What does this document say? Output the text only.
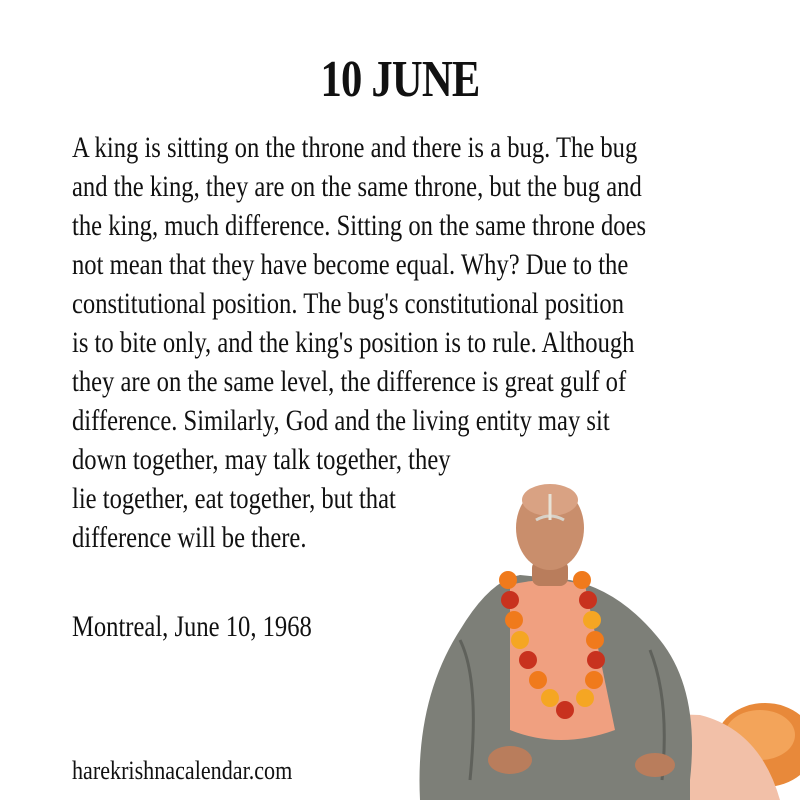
10 JUNE
A king is sitting on the throne and there is a bug. The bug
and the king, they are on the same throne, but the bug and
the king, much difference. Sitting on the same throne does
not mean that they have become equal. Why? Due to the
constitutional position. The bug's constitutional position
is to bite only, and the king's position is to rule. Although
they are on the same level, the difference is great gulf of
difference. Similarly, God and the living entity may sit
down together, may talk together, they
lie together, eat together, but that
difference will be there.
Montreal, June 10, 1968
harekrishnacalendar.com
